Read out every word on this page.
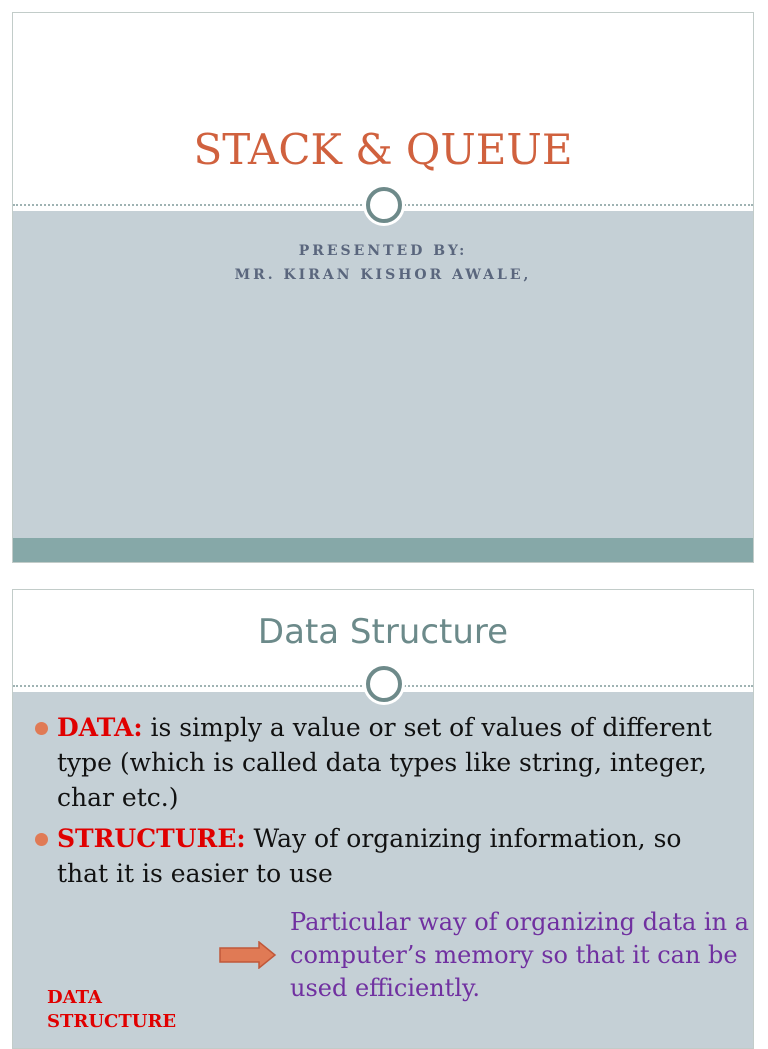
STACK & QUEUE
PRESENTED BY:
MR. KIRAN KISHOR AWALE,
Data Structure
DATA: is simply a value or set of values of different type (which is called data types like string, integer, char etc.)
STRUCTURE: Way of organizing information, so that it is easier to use
Particular way of organizing data in a computer’s memory so that it can be used efficiently.
DATA
STRUCTURE
